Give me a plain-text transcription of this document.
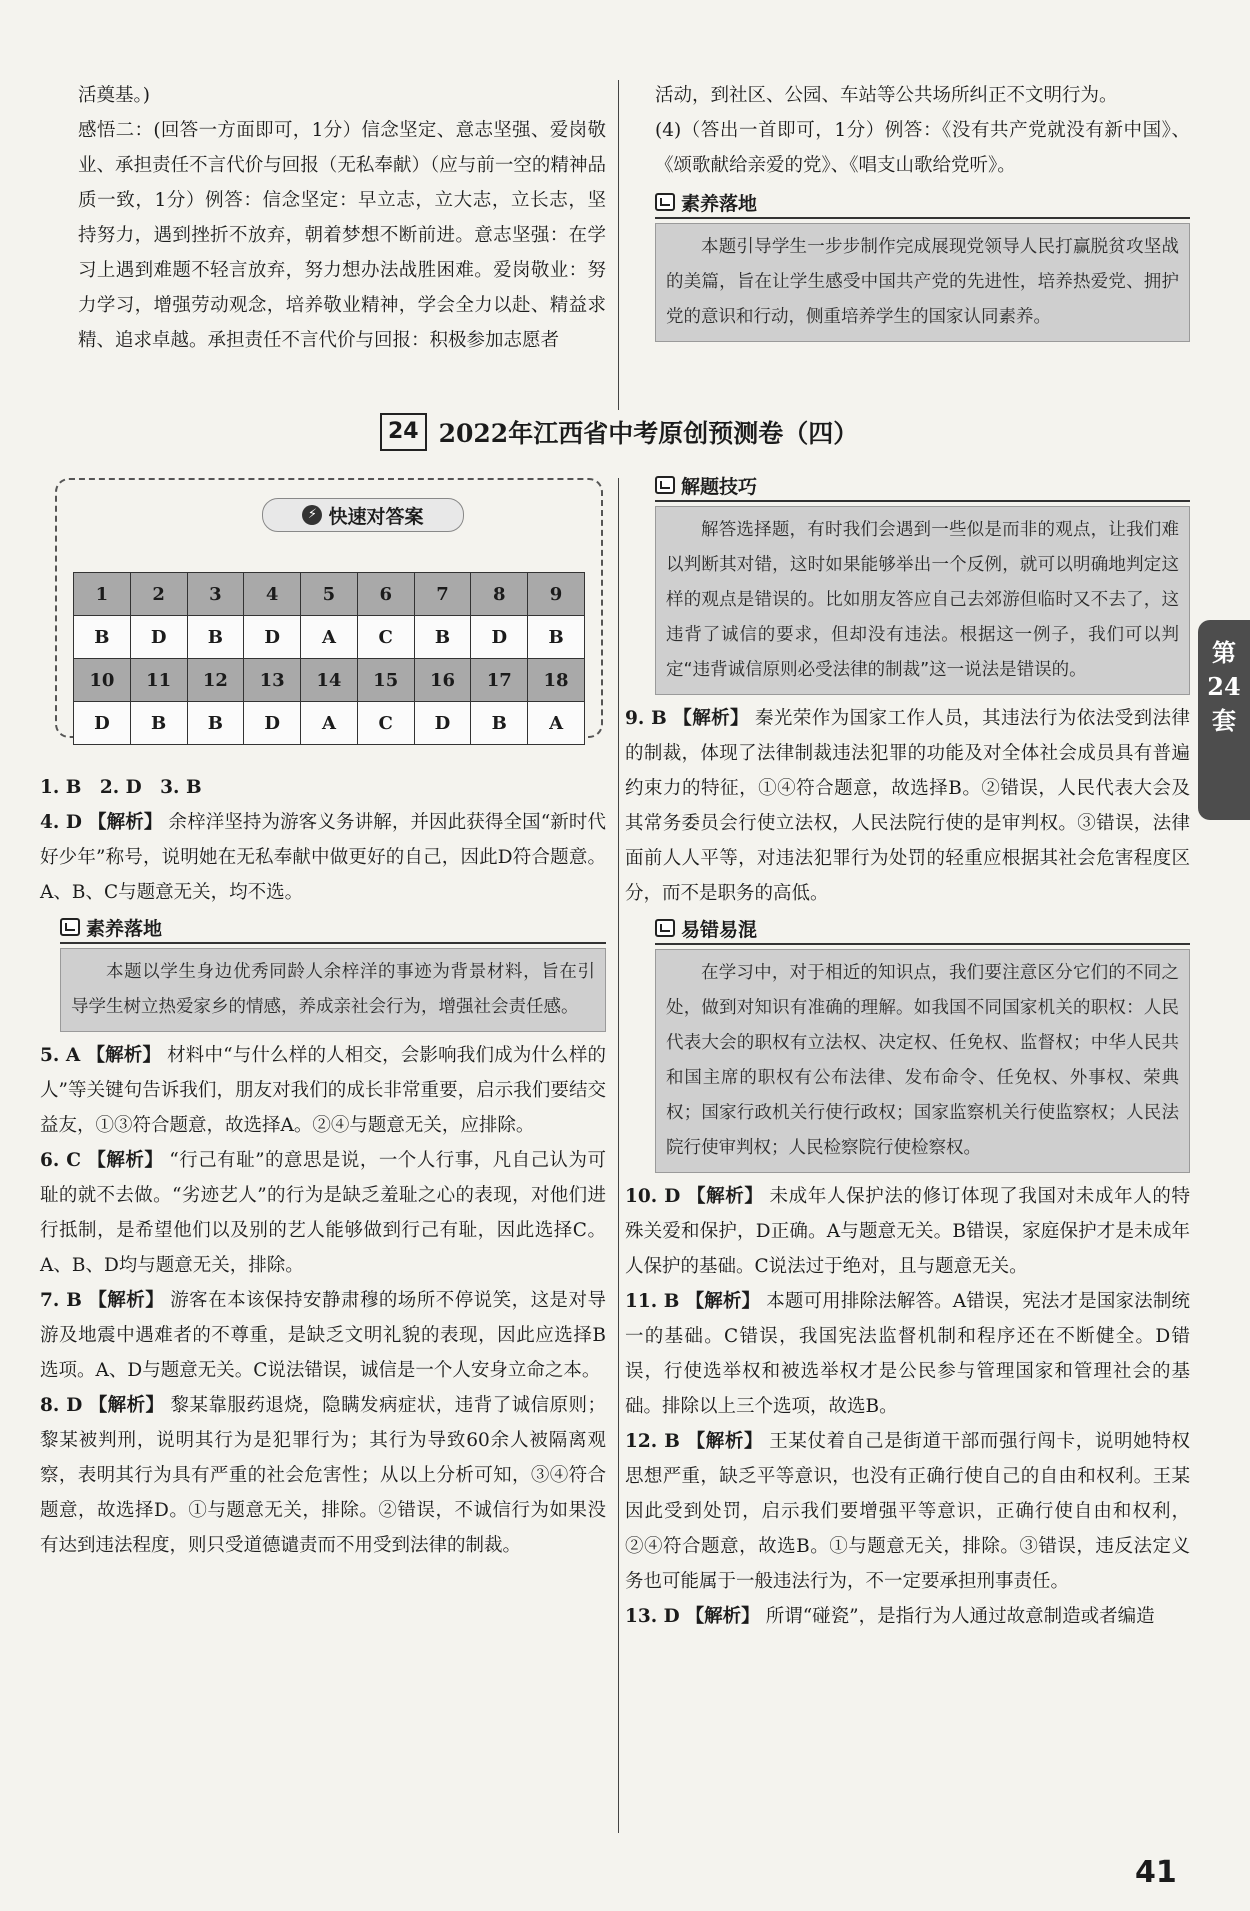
活奠基。)

感悟二：(回答一方面即可，1分）信念坚定、意志坚强、爱岗敬业、承担责任不言代价与回报（无私奉献）（应与前一空的精神品质一致，1分）例答：信念坚定：早立志，立大志，立长志，坚持努力，遇到挫折不放弃，朝着梦想不断前进。意志坚强：在学习上遇到难题不轻言放弃，努力想办法战胜困难。爱岗敬业：努力学习，增强劳动观念，培养敬业精神，学会全力以赴、精益求精、追求卓越。承担责任不言代价与回报：积极参加志愿者

活动，到社区、公园、车站等公共场所纠正不文明行为。

(4)（答出一首即可，1分）例答：《没有共产党就没有新中国》、《颂歌献给亲爱的党》、《唱支山歌给党听》。

素养落地
本题引导学生一步步制作完成展现党领导人民打赢脱贫攻坚战的美篇，旨在让学生感受中国共产党的先进性，培养热爱党、拥护党的意识和行动，侧重培养学生的国家认同素养。
24 2022年江西省中考原创预测卷（四）
⚡ 快速对答案
1	2	3	4	5	6	7	8	9
B	D	B	D	A	C	B	D	B
10	11	12	13	14	15	16	17	18
D	B	B	D	A	C	D	B	A

1. B　2. D　3. B

4. D 【解析】 余梓洋坚持为游客义务讲解，并因此获得全国“新时代好少年”称号，说明她在无私奉献中做更好的自己，因此D符合题意。A、B、C与题意无关，均不选。

素养落地
本题以学生身边优秀同龄人余梓洋的事迹为背景材料，旨在引导学生树立热爱家乡的情感，养成亲社会行为，增强社会责任感。

5. A 【解析】 材料中“与什么样的人相交，会影响我们成为什么样的人”等关键句告诉我们，朋友对我们的成长非常重要，启示我们要结交益友，①③符合题意，故选择A。②④与题意无关，应排除。

6. C 【解析】 “行己有耻”的意思是说，一个人行事，凡自己认为可耻的就不去做。“劣迹艺人”的行为是缺乏羞耻之心的表现，对他们进行抵制，是希望他们以及别的艺人能够做到行己有耻，因此选择C。A、B、D均与题意无关，排除。

7. B 【解析】 游客在本该保持安静肃穆的场所不停说笑，这是对导游及地震中遇难者的不尊重，是缺乏文明礼貌的表现，因此应选择B选项。A、D与题意无关。C说法错误，诚信是一个人安身立命之本。

8. D 【解析】 黎某靠服药退烧，隐瞒发病症状，违背了诚信原则；黎某被判刑，说明其行为是犯罪行为；其行为导致60余人被隔离观察，表明其行为具有严重的社会危害性；从以上分析可知，③④符合题意，故选择D。①与题意无关，排除。②错误，不诚信行为如果没有达到违法程度，则只受道德谴责而不用受到法律的制裁。

解题技巧
解答选择题，有时我们会遇到一些似是而非的观点，让我们难以判断其对错，这时如果能够举出一个反例，就可以明确地判定这样的观点是错误的。比如朋友答应自己去郊游但临时又不去了，这违背了诚信的要求，但却没有违法。根据这一例子，我们可以判定“违背诚信原则必受法律的制裁”这一说法是错误的。

9. B 【解析】 秦光荣作为国家工作人员，其违法行为依法受到法律的制裁，体现了法律制裁违法犯罪的功能及对全体社会成员具有普遍约束力的特征，①④符合题意，故选择B。②错误，人民代表大会及其常务委员会行使立法权，人民法院行使的是审判权。③错误，法律面前人人平等，对违法犯罪行为处罚的轻重应根据其社会危害程度区分，而不是职务的高低。

易错易混
在学习中，对于相近的知识点，我们要注意区分它们的不同之处，做到对知识有准确的理解。如我国不同国家机关的职权：人民代表大会的职权有立法权、决定权、任免权、监督权；中华人民共和国主席的职权有公布法律、发布命令、任免权、外事权、荣典权；国家行政机关行使行政权；国家监察机关行使监察权；人民法院行使审判权；人民检察院行使检察权。

10. D 【解析】 未成年人保护法的修订体现了我国对未成年人的特殊关爱和保护，D正确。A与题意无关。B错误，家庭保护才是未成年人保护的基础。C说法过于绝对，且与题意无关。

11. B 【解析】 本题可用排除法解答。A错误，宪法才是国家法制统一的基础。C错误，我国宪法监督机制和程序还在不断健全。D错误，行使选举权和被选举权才是公民参与管理国家和管理社会的基础。排除以上三个选项，故选B。

12. B 【解析】 王某仗着自己是街道干部而强行闯卡，说明她特权思想严重，缺乏平等意识，也没有正确行使自己的自由和权利。王某因此受到处罚，启示我们要增强平等意识，正确行使自由和权利，②④符合题意，故选B。①与题意无关，排除。③错误，违反法定义务也可能属于一般违法行为，不一定要承担刑事责任。

13. D 【解析】 所谓“碰瓷”，是指行为人通过故意制造或者编造

第
24
套
41
